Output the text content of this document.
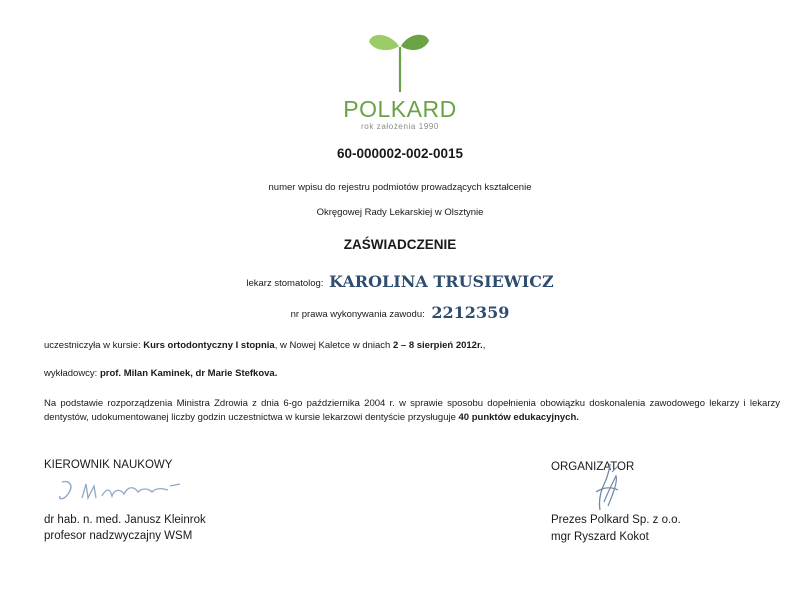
POLKARD
rok założenia 1990
60-000002-002-0015
numer wpisu do rejestru podmiotów prowadzących kształcenie
Okręgowej Rady Lekarskiej w Olsztynie
ZAŚWIADCZENIE
lekarz stomatolog: KAROLINA TRUSIEWICZ
nr prawa wykonywania zawodu: 2212359
uczestniczyła w kursie: Kurs ortodontyczny I stopnia, w Nowej Kaletce w dniach 2 – 8 sierpień 2012r.,
wykładowcy: prof. Milan Kaminek, dr Marie Stefkova.
Na podstawie rozporządzenia Ministra Zdrowia z dnia 6-go października 2004 r. w sprawie sposobu dopełnienia obowiązku doskonalenia zawodowego lekarzy i lekarzy dentystów, udokumentowanej liczby godzin uczestnictwa w kursie lekarzowi dentyście przysługuje 40 punktów edukacyjnych.
KIEROWNIK NAUKOWY
dr hab. n. med. Janusz Kleinrok
profesor nadzwyczajny WSM
ORGANIZATOR
Prezes Polkard Sp. z o.o.
mgr Ryszard Kokot
